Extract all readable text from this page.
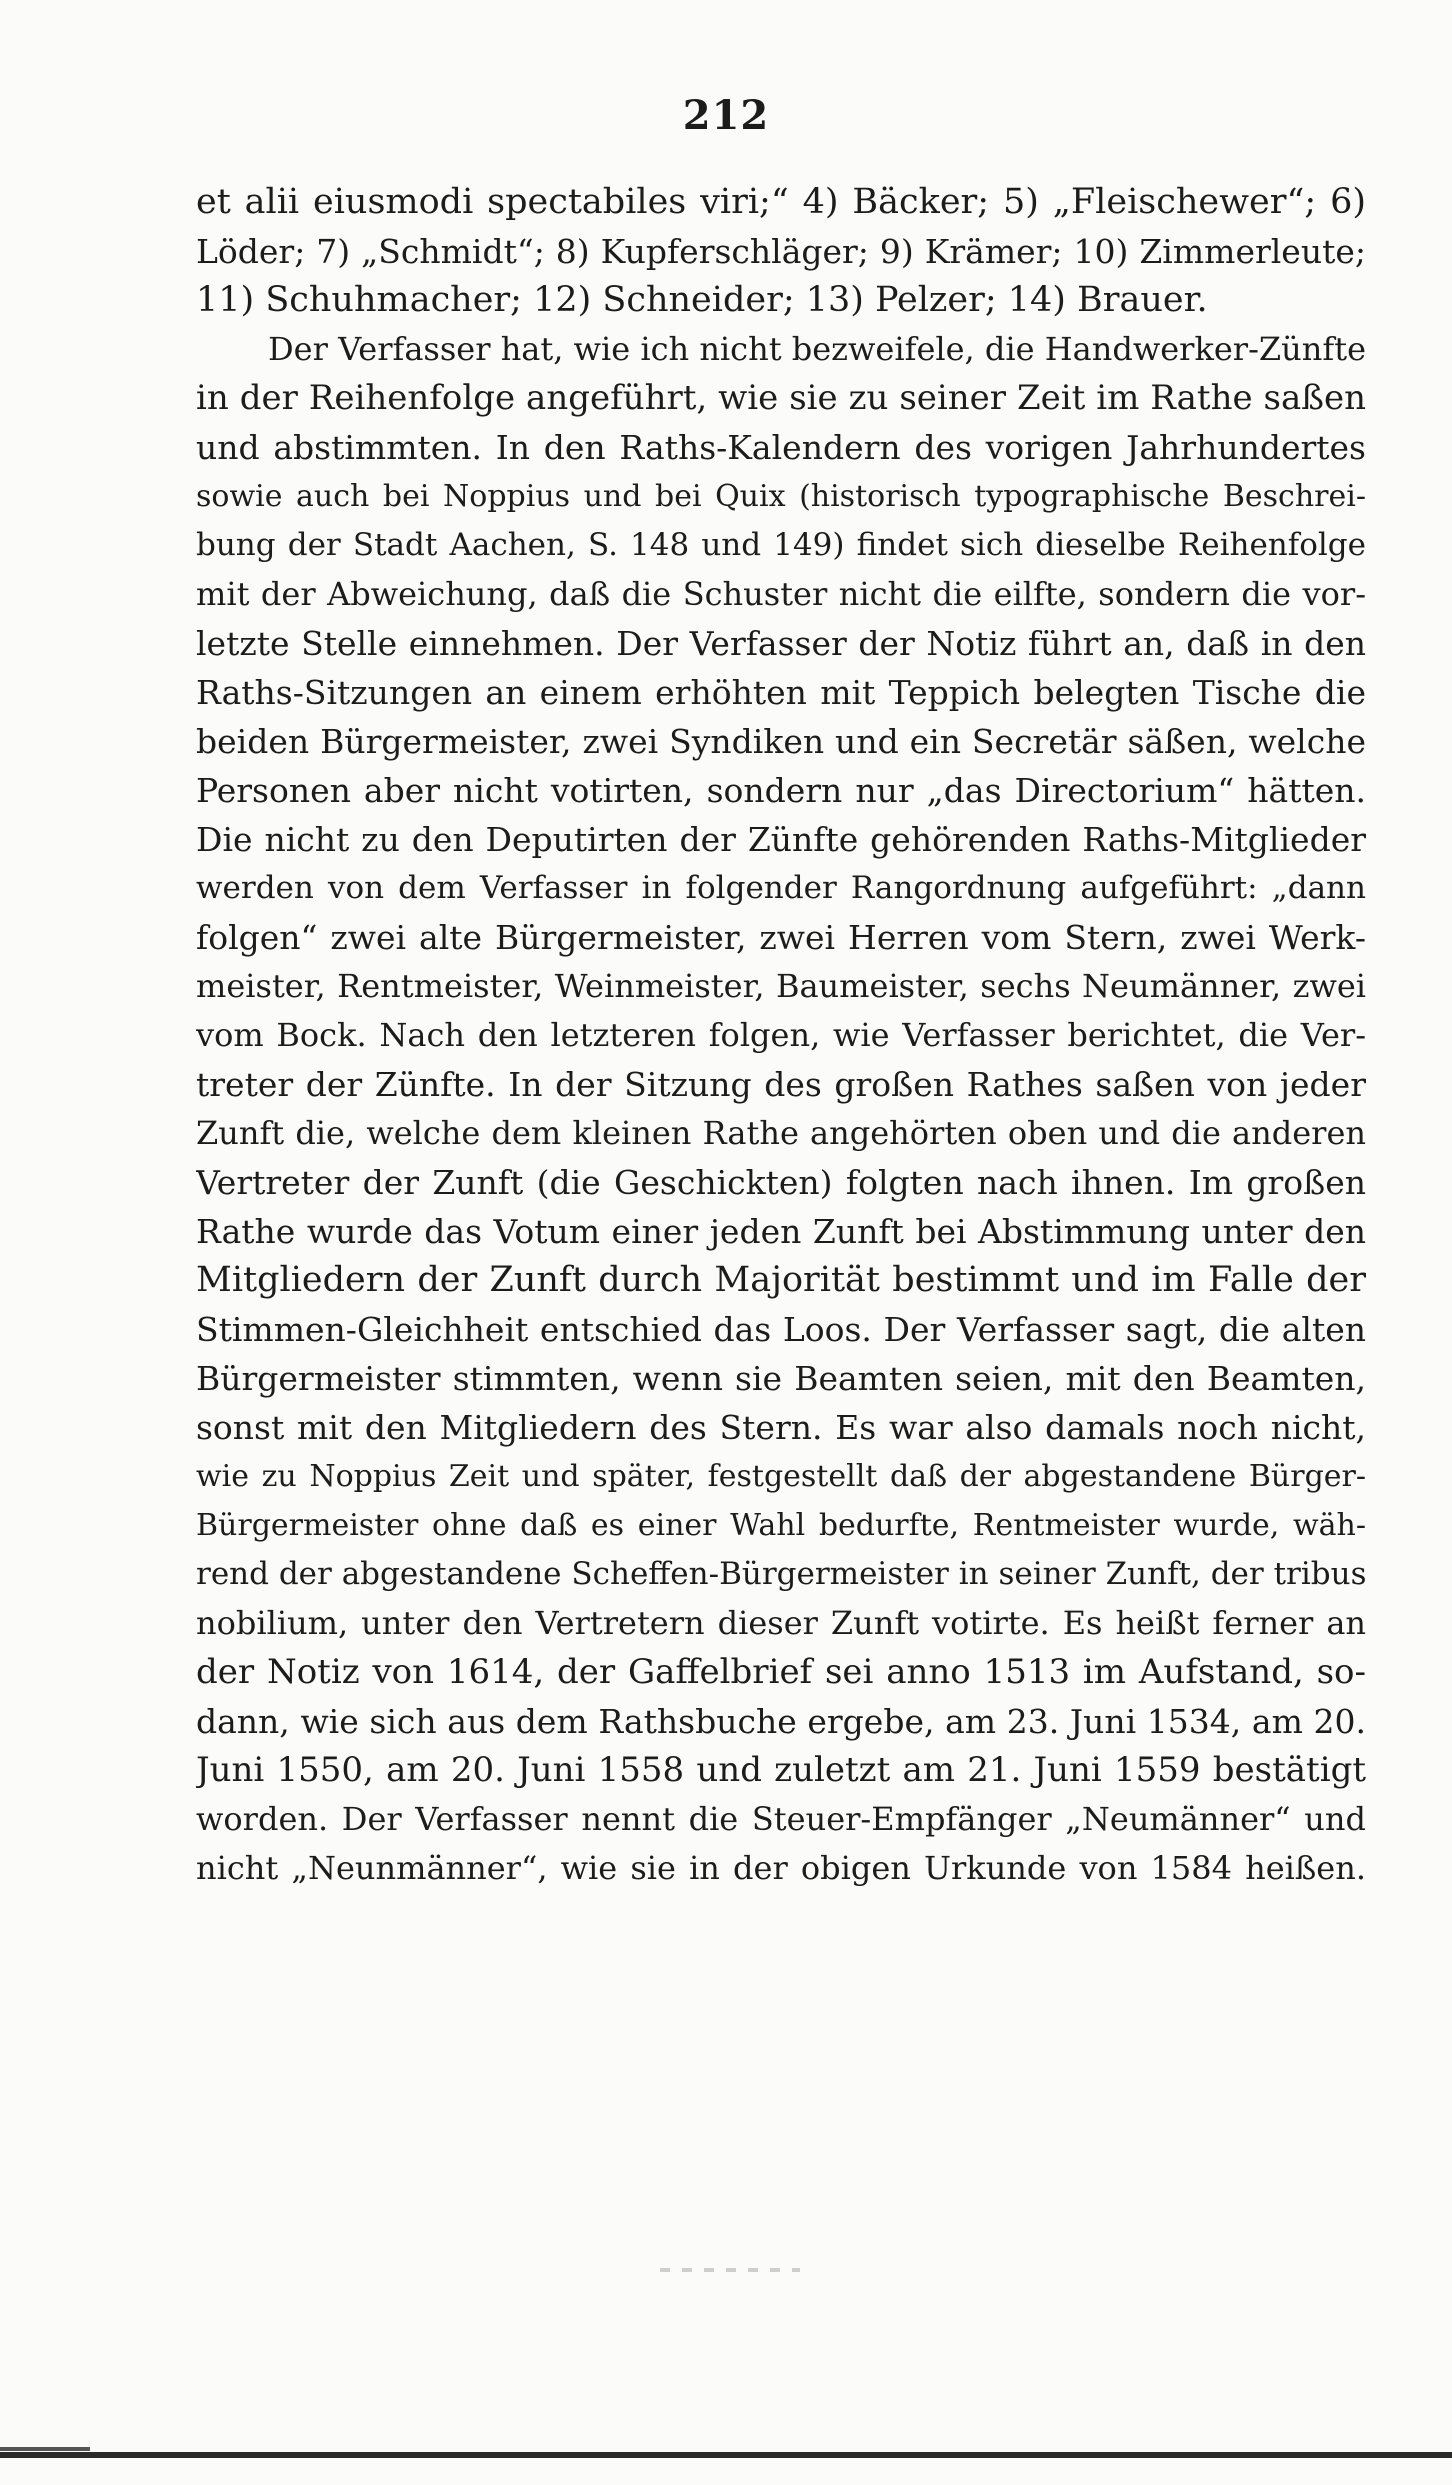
212
et alii eiusmodi spectabiles viri;“ 4) Bäcker; 5) „Fleischewer“; 6)
Löder; 7) „Schmidt“; 8) Kupferschläger; 9) Krämer; 10) Zimmerleute;
11) Schuhmacher; 12) Schneider; 13) Pelzer; 14) Brauer.
Der Verfasser hat, wie ich nicht bezweifele, die Handwerker-Zünfte
in der Reihenfolge angeführt, wie sie zu seiner Zeit im Rathe saßen
und abstimmten. In den Raths-Kalendern des vorigen Jahrhundertes
sowie auch bei Noppius und bei Quix (historisch typographische Beschrei-
bung der Stadt Aachen, S. 148 und 149) findet sich dieselbe Reihenfolge
mit der Abweichung, daß die Schuster nicht die eilfte, sondern die vor-
letzte Stelle einnehmen. Der Verfasser der Notiz führt an, daß in den
Raths-Sitzungen an einem erhöhten mit Teppich belegten Tische die
beiden Bürgermeister, zwei Syndiken und ein Secretär säßen, welche
Personen aber nicht votirten, sondern nur „das Directorium“ hätten.
Die nicht zu den Deputirten der Zünfte gehörenden Raths-Mitglieder
werden von dem Verfasser in folgender Rangordnung aufgeführt: „dann
folgen“ zwei alte Bürgermeister, zwei Herren vom Stern, zwei Werk-
meister, Rentmeister, Weinmeister, Baumeister, sechs Neumänner, zwei
vom Bock. Nach den letzteren folgen, wie Verfasser berichtet, die Ver-
treter der Zünfte. In der Sitzung des großen Rathes saßen von jeder
Zunft die, welche dem kleinen Rathe angehörten oben und die anderen
Vertreter der Zunft (die Geschickten) folgten nach ihnen. Im großen
Rathe wurde das Votum einer jeden Zunft bei Abstimmung unter den
Mitgliedern der Zunft durch Majorität bestimmt und im Falle der
Stimmen-Gleichheit entschied das Loos. Der Verfasser sagt, die alten
Bürgermeister stimmten, wenn sie Beamten seien, mit den Beamten,
sonst mit den Mitgliedern des Stern. Es war also damals noch nicht,
wie zu Noppius Zeit und später, festgestellt daß der abgestandene Bürger-
Bürgermeister ohne daß es einer Wahl bedurfte, Rentmeister wurde, wäh-
rend der abgestandene Scheffen-Bürgermeister in seiner Zunft, der tribus
nobilium, unter den Vertretern dieser Zunft votirte. Es heißt ferner an
der Notiz von 1614, der Gaffelbrief sei anno 1513 im Aufstand, so-
dann, wie sich aus dem Rathsbuche ergebe, am 23. Juni 1534, am 20.
Juni 1550, am 20. Juni 1558 und zuletzt am 21. Juni 1559 bestätigt
worden. Der Verfasser nennt die Steuer-Empfänger „Neumänner“ und
nicht „Neunmänner“, wie sie in der obigen Urkunde von 1584 heißen.
